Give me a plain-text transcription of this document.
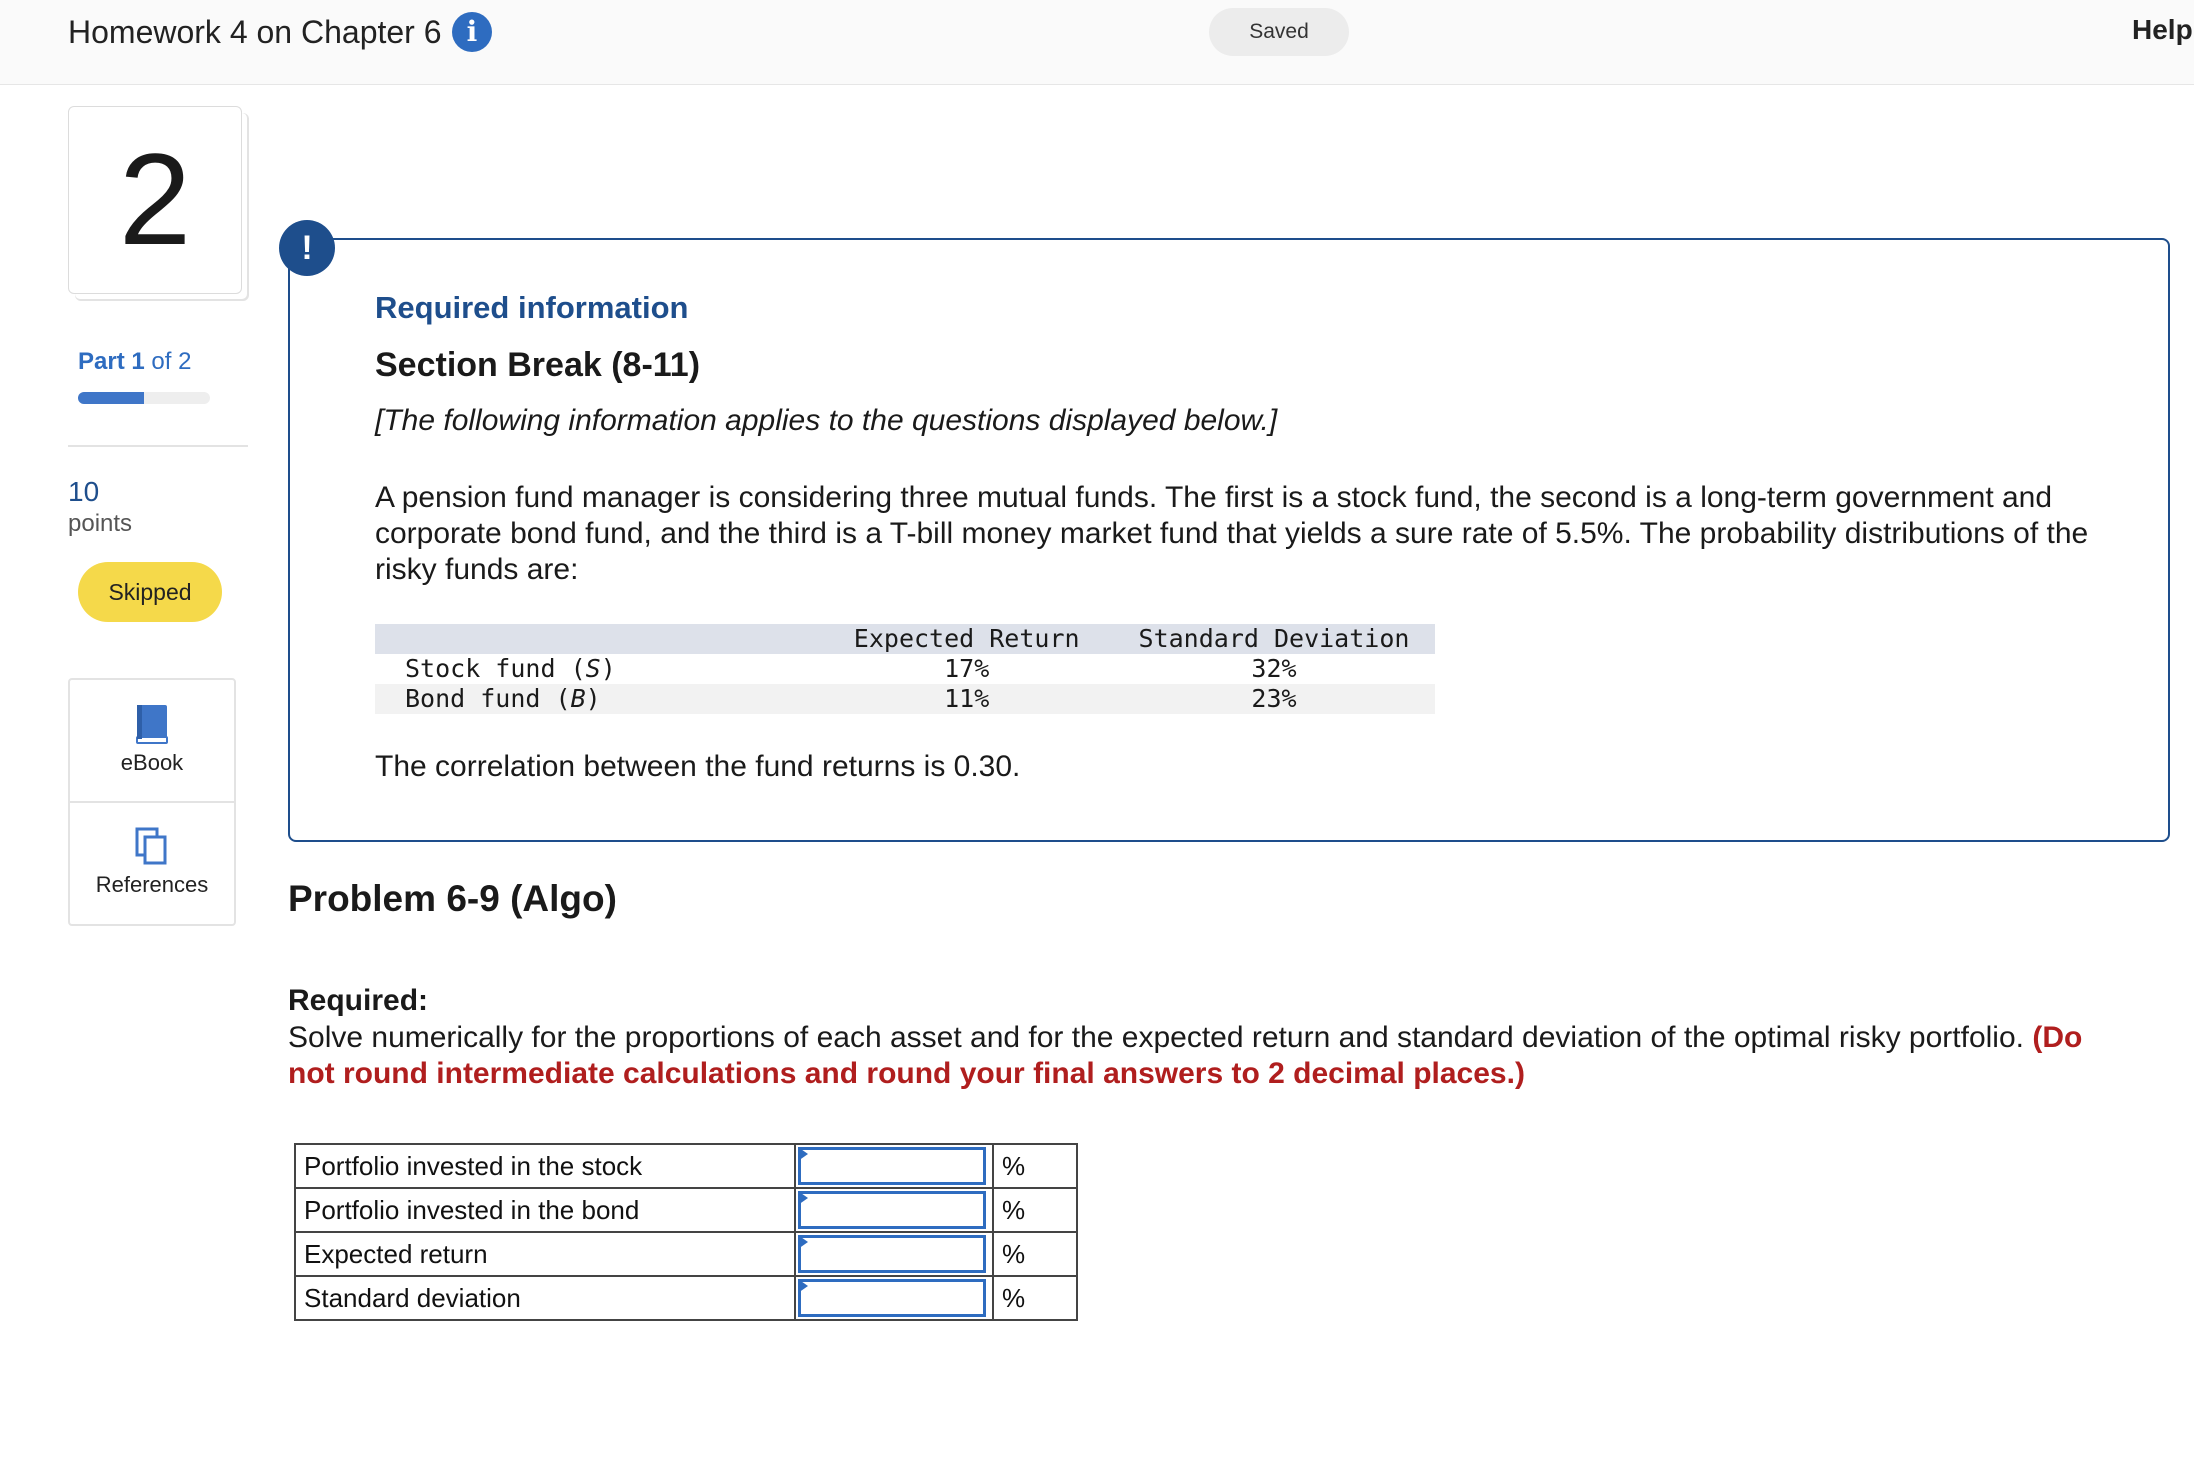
Homework 4 on Chapter 6 i	Saved	Help
2
Part 1 of 2
10
points
Skipped
eBook
References
Required information
Section Break (8-11)
[The following information applies to the questions displayed below.]
A pension fund manager is considering three mutual funds. The first is a stock fund, the second is a long-term government and corporate bond fund, and the third is a T-bill money market fund that yields a sure rate of 5.5%. The probability distributions of the risky funds are:
	Expected Return	Standard Deviation
Stock fund (S)	17%	32%
Bond fund (B)	11%	23%
The correlation between the fund returns is 0.30.
!
Problem 6-9 (Algo)
Required:
Solve numerically for the proportions of each asset and for the expected return and standard deviation of the optimal risky portfolio. (Do not round intermediate calculations and round your final answers to 2 decimal places.)
Portfolio invested in the stock		%
Portfolio invested in the bond		%
Expected return		%
Standard deviation		%
